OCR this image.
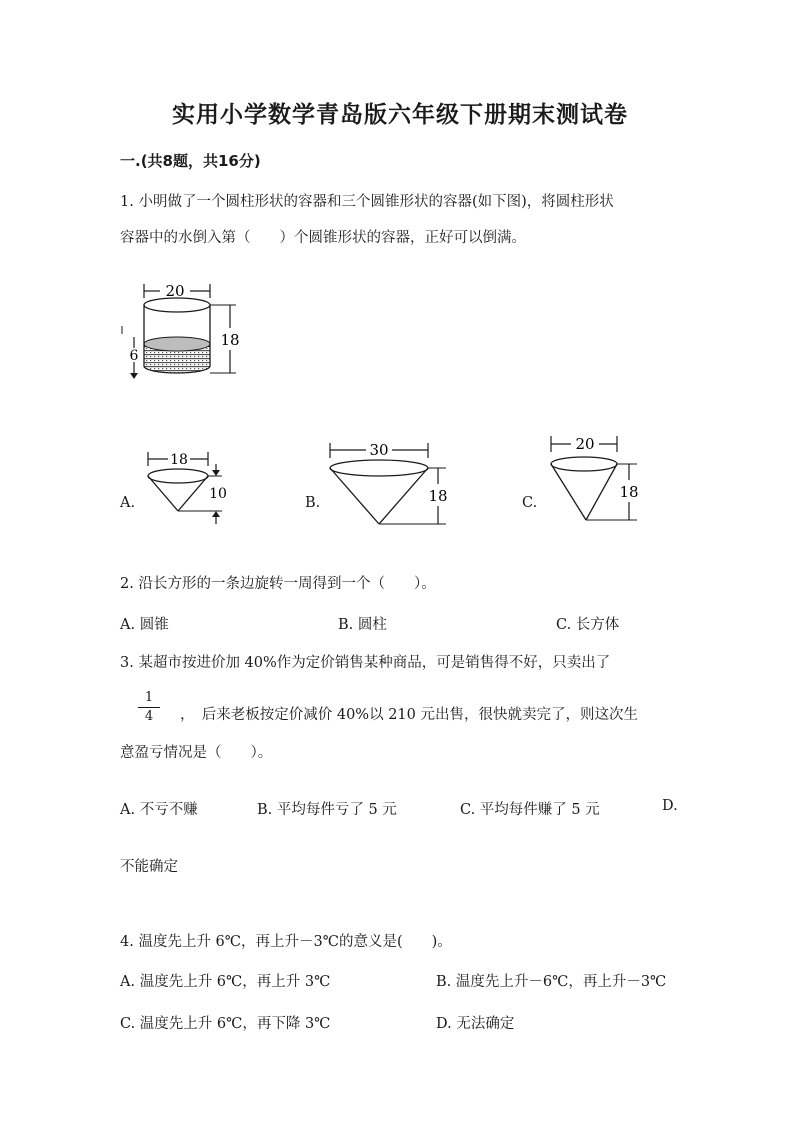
实用小学数学青岛版六年级下册期末测试卷
一.(共8题，共16分)
1. 小明做了一个圆柱形状的容器和三个圆锥形状的容器(如下图)，将圆柱形状
容器中的水倒入第（　　）个圆锥形状的容器，正好可以倒满。
20
18
6
A.
18
10
B.
30
18	C.
20
18
2. 沿长方形的一条边旋转一周得到一个（　　）。
A. 圆锥	B. 圆柱	C. 长方体
3. 某超市按进价加 40%作为定价销售某种商品，可是销售得不好，只卖出了
1
4	，　后来老板按定价减价 40%以 210 元出售，很快就卖完了，则这次生
意盈亏情况是（　　）。
A. 不亏不赚	B. 平均每件亏了 5 元	C. 平均每件赚了 5 元	D.
不能确定
4. 温度先上升 6℃，再上升－3℃的意义是(　　)。
A. 温度先上升 6℃，再上升 3℃	B. 温度先上升－6℃，再上升－3℃
C. 温度先上升 6℃，再下降 3℃	D. 无法确定
